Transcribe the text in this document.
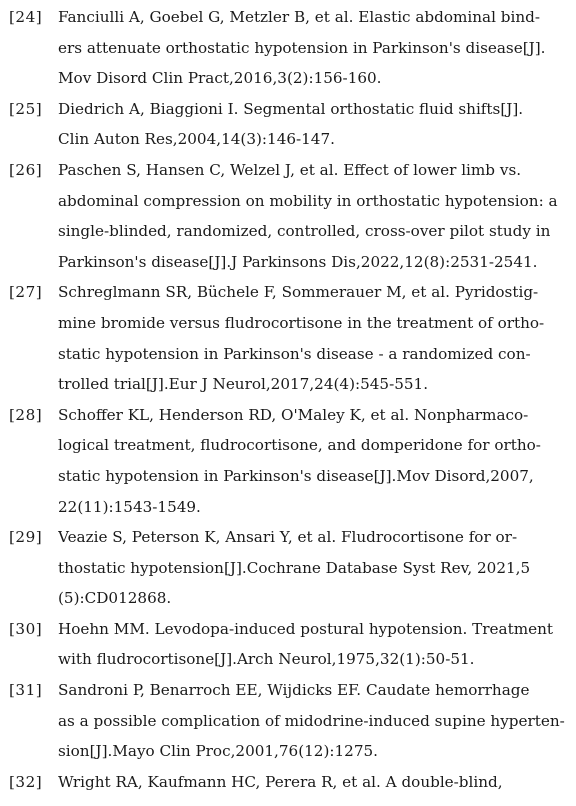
[24] Fanciulli A, Goebel G, Metzler B, et al. Elastic abdominal bind-
ers attenuate orthostatic hypotension in Parkinson's disease[J].
Mov Disord Clin Pract,2016,3(2):156-160.
[25] Diedrich A, Biaggioni I. Segmental orthostatic fluid shifts[J].
Clin Auton Res,2004,14(3):146-147.
[26] Paschen S, Hansen C, Welzel J, et al. Effect of lower limb vs.
abdominal compression on mobility in orthostatic hypotension: a
single-blinded, randomized, controlled, cross-over pilot study in
Parkinson's disease[J].J Parkinsons Dis,2022,12(8):2531-2541.
[27] Schreglmann SR, Büchele F, Sommerauer M, et al. Pyridostig-
mine bromide versus fludrocortisone in the treatment of ortho-
static hypotension in Parkinson's disease - a randomized con-
trolled trial[J].Eur J Neurol,2017,24(4):545-551.
[28] Schoffer KL, Henderson RD, O'Maley K, et al. Nonpharmaco-
logical treatment, fludrocortisone, and domperidone for ortho-
static hypotension in Parkinson's disease[J].Mov Disord,2007,
22(11):1543-1549.
[29] Veazie S, Peterson K, Ansari Y, et al. Fludrocortisone for or-
thostatic hypotension[J].Cochrane Database Syst Rev, 2021,5
(5):CD012868.
[30] Hoehn MM. Levodopa-induced postural hypotension. Treatment
with fludrocortisone[J].Arch Neurol,1975,32(1):50-51.
[31] Sandroni P, Benarroch EE, Wijdicks EF. Caudate hemorrhage
as a possible complication of midodrine-induced supine hyperten-
sion[J].Mayo Clin Proc,2001,76(12):1275.
[32] Wright RA, Kaufmann HC, Perera R, et al. A double-blind,
